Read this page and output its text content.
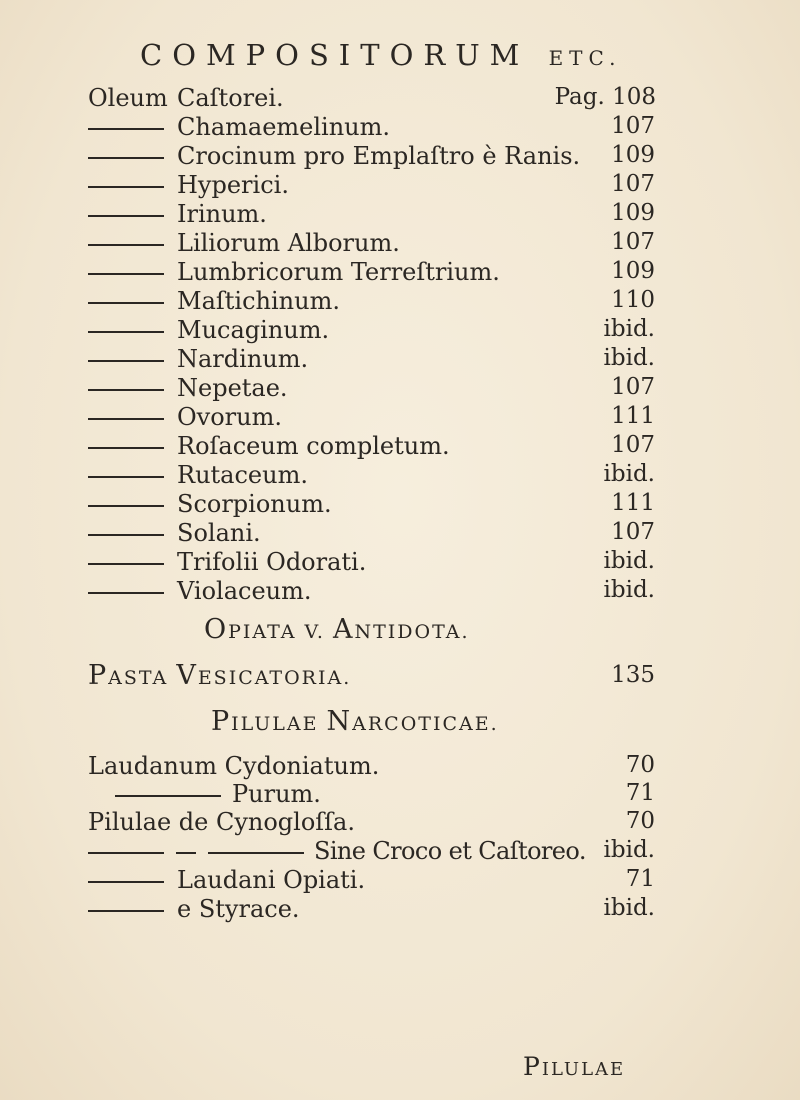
COMPOSITORUM ETC.
Oleum Caſtorei.	Pag. 108
Chamaemelinum.	107
Crocinum pro Emplaſtro è Ranis. 109
Hyperici.	107
Irinum.	109
Liliorum Alborum.	107
Lumbricorum Terreſtrium.	109
Maſtichinum.	110
Mucaginum.	ibid.
Nardinum.	ibid.
Nepetae.	107
Ovorum.	111
Roſaceum completum.	107
Rutaceum.	ibid.
Scorpionum.	111
Solani.	107
Trifolii Odorati.	ibid.
Violaceum.	ibid.
OPIATA V. ANTIDOTA.
PASTA VESICATORIA.	135
PILULAE NARCOTICAE.
Laudanum Cydoniatum.	70
Purum.	71
Pilulae de Cynogloſſa.	70
Sine Croco et Caſtoreo. ibid.
Laudani Opiati.	71
e Styrace.	ibid.
PILULAE
